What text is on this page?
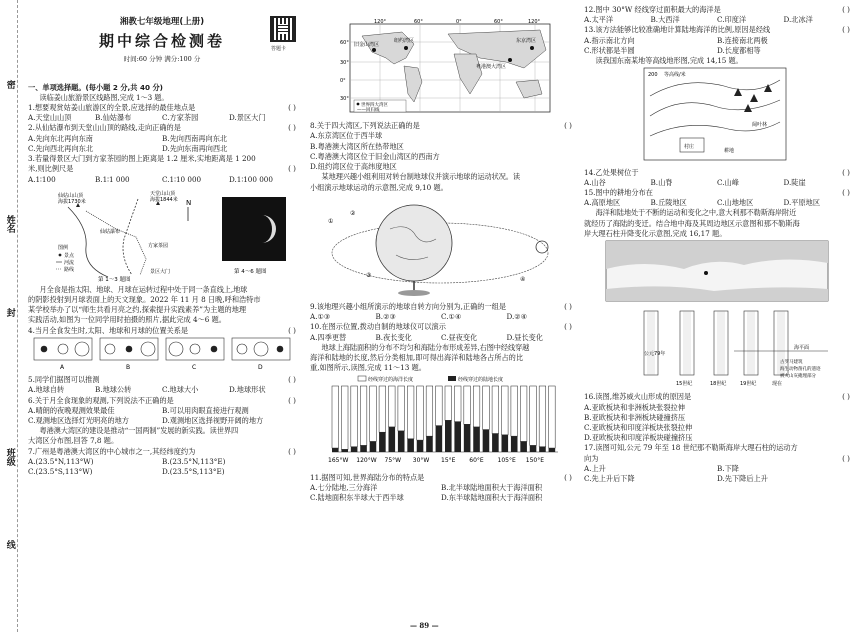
密
姓名
封
班级
线
湘教七年级地理(上册)
期中综合检测卷
时间:60 分钟 满分:100 分
答题卡
一、单项选择题。(每小题 2 分,共 40 分)
读临姜山旅游景区线路图,完成 1～3 题。
1.想要观赏姑姜山旅游区的全景,应选择的最佳地点是	( )
A.天堂山山顶	B.仙姑瀑布	C.方家茶园	D.景区大门
2.从仙姑瀑布到天堂山山顶的路线,走向正确的是	( )
A.先向东北再向东南	B.先向西南再向东北
C.先向西北再向东北	D.先向东南再向西北
3.若量得景区大门到方家茶园的图上距离是 1.2 厘米,实地距离是 1 200
米,则比例尺是	( )
A.1∶100	B.1∶1 000	C.1∶10 000	D.1∶100 000
仙姑山山顶
海拔1730米
天堂山山顶
海拔1844米
仙姑瀑布
方家茶园
景区大门
N
图例
景点
河流
路线
第 1～3 题图
第 4～6 题图
月全食是指太阳、地球、月球在运转过程中处于同一条直线上,地球
的阴影投射到月球表面上的天文现象。2022 年 11 月 8 日晚,呼和浩特市
某学校举办了以“师生共看月亮之约,探索提升实践素养”为主题的地理
实践活动,如图为一位同学用时拍摄的照片,据此完成 4～6 题。
4.当月全食发生时,太阳、地球和月球的位置关系是	( )
A	B	C	D
5.同学们据图可以推测	( )
A.地球自转	B.地球公转	C.地球大小	D.地球形状
6.关于月全食现象的观测,下列说法不正确的是	( )
A.晴朗的夜晚观测效果最佳	B.可以用肉眼直接进行观测
C.观测地区选择灯光明亮的地方	D.观测地区选择视野开阔的地方
粤港澳大湾区的建设是推动“一国两制”发展的新实践。读世界四
大湾区分布图,回答 7,8 题。
7.广州是粤港澳大湾区的中心城市之一,其经纬度约为	( )
A.(23.5°N,113°W)	B.(23.5°N,113°E)
C.(23.5°S,113°W)	D.(23.5°S,113°E)
旧金山湾区
纽约湾区	东京湾区
粤港澳大湾区
120°	60°	0°	60°	120°
60°
30°
0°
30°
世界四大湾区
——回归线
8.关于四大湾区,下列说法正确的是	( )
A.东京湾区位于西半球
B.粤港澳大湾区所在热带地区
C.粤港澳大湾区位于旧金山湾区的西南方
D.纽约湾区位于高纬度地区
某地理兴趣小组利用对转台制地球仪并演示地球的运动状况。读
小组演示地球运动的示意图,完成 9,10 题。
①
②
③
④
9.该地理兴趣小组所演示的地球自转方向分别为,正确的一组是	( )
A.①③	B.②③	C.①④	D.②④
10.在图示位置,拨动自制的地球仪可以演示	( )
A.四季更替	B.夜长变化	C.昼夜变化	D.昼长变化
地球上海陆面积的分布不均匀和海陆分布形成差异,右图中经线穿越
海洋和陆地的长度,然后分类相加,即可得出海洋和陆地各占所占的比
重,如图所示,读图,完成 11～13 题。
经线穿过的海洋长度	经线穿过的陆地长度
165°W 120°W 75°W 30°W 15°E 60°E 105°E 150°E
11.据图可知,世界海陆分布的特点是	( )
A.七分陆地,三分海洋	B.北半球陆地面积大于海洋面积
C.陆地面积东半球大于西半球	D.东半球陆地面积大于海洋面积
12.图中 30°W 经线穿过面积最大的海洋是	( )
A.太平洋	B.大西洋	C.印度洋	D.北冰洋
13.该方法能够比较准确地计算陆地海洋的比例,原因是经线	( )
A.指示南北方向	B.连接南北两极
C.形状都是半圆	D.长度都相等
读我国东南某地等高线地形图,完成 14,15 题。
200 等高线/米
阔叶林
村庄
耕地
14.乙处果树位于	( )
A.山谷	B.山脊	C.山峰	D.陡崖
15.图中的耕地分布在	( )
A.高原地区	B.丘陵地区	C.山地地区	D.平原地区
海洋和陆地处于不断的运动和变化之中,意大利那不勒斯海岸附近
就经历了海陆的变迁。结合地中海及其周边地区示意图和那不勒斯海
岸大理石柱升降变化示意图,完成 16,17 题。
海平面
公元79年
15世纪	18世纪	19世纪	现在
古罗马建筑
海生动物凿孔的遗迹
被火山灰掩埋部分
16.读图,维苏威火山形成的原因是	( )
A.亚欧板块和非洲板块张裂拉伸
B.亚欧板块和非洲板块碰撞挤压
C.亚欧板块和印度洋板块张裂拉伸
D.亚欧板块和印度洋板块碰撞挤压
17.读图可知,公元 79 年至 18 世纪那不勒斯海岸大理石柱的运动方
向为	( )
A.上升	B.下降
C.先上升后下降	D.先下降后上升
— 89 —
